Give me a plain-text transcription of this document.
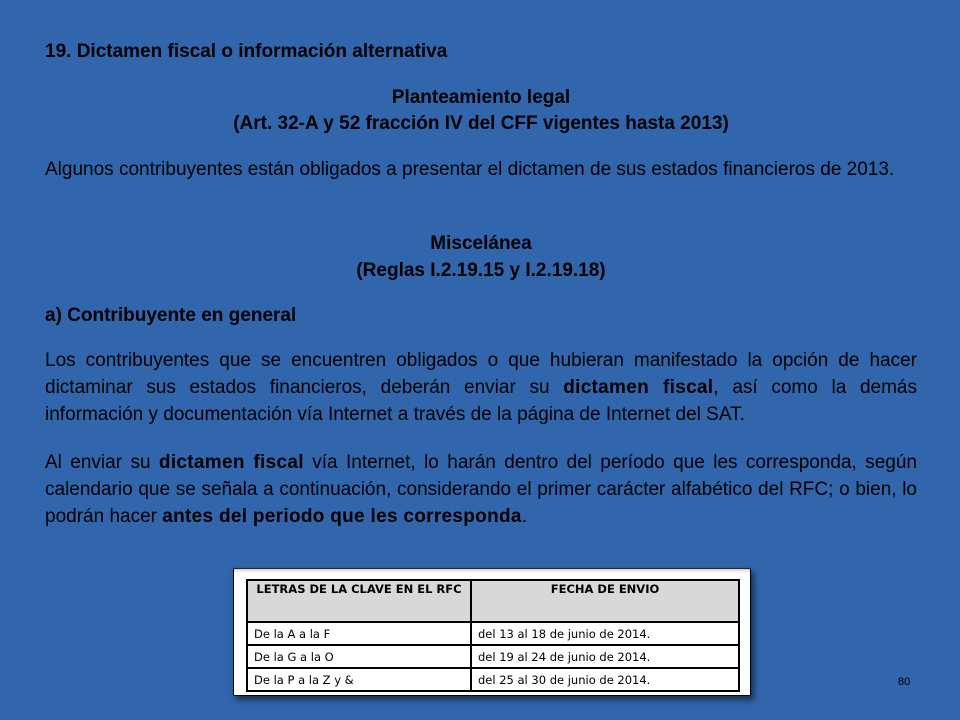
19. Dictamen fiscal o información alternativa

Planteamiento legal

(Art. 32-A y 52 fracción IV del CFF vigentes hasta 2013)

Algunos contribuyentes están obligados a presentar el dictamen de sus estados financieros de 2013.

Miscelánea

(Reglas I.2.19.15 y I.2.19.18)

a) Contribuyente en general

Los contribuyentes que se encuentren obligados o que hubieran manifestado la opción de hacer dictaminar sus estados financieros, deberán enviar su dictamen fiscal, así como la demás información y documentación vía Internet a través de la página de Internet del SAT.

Al enviar su dictamen fiscal vía Internet, lo harán dentro del período que les corresponda, según calendario que se señala a continuación, considerando el primer carácter alfabético del RFC; o bien, lo podrán hacer antes del periodo que les corresponda.

LETRAS DE LA CLAVE EN EL RFC	FECHA DE ENVIO
De la A a la F	del 13 al 18 de junio de 2014.
De la G a la O	del 19 al 24 de junio de 2014.
De la P a la Z y &	del 25 al 30 de junio de 2014.	80
